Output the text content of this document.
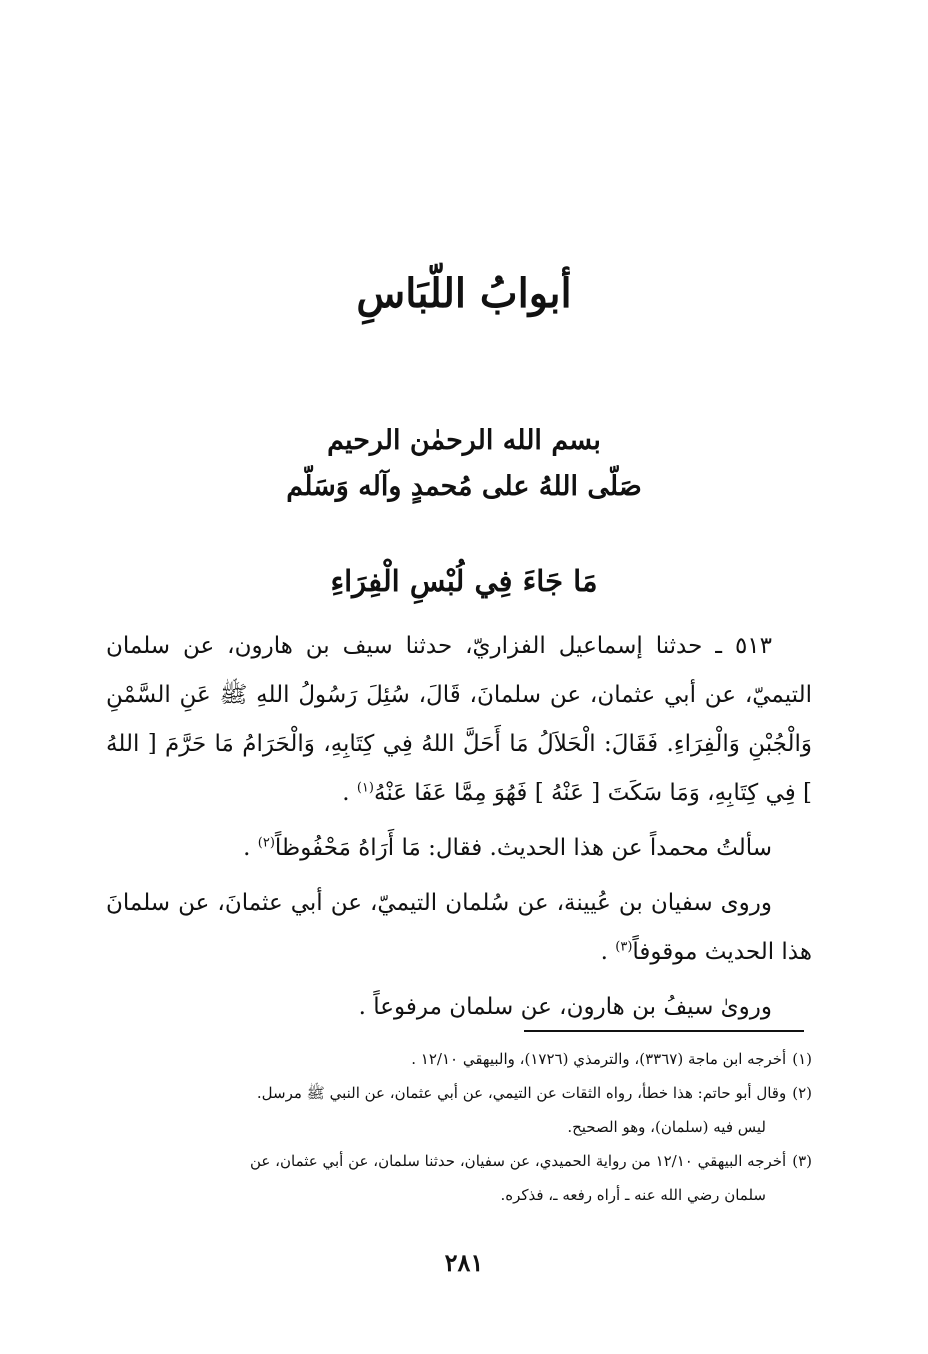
أبوابُ اللّبَاسِ
بسم الله الرحمٰن الرحيم
صَلّى اللهُ على مُحمدٍ وآله وَسَلّم
مَا جَاءَ فِي لُبْسِ الْفِرَاءِ

٥١٣ ـ حدثنا إسماعيل الفزاريّ، حدثنا سيف بن هارون، عن سلمان التيميّ، عن أبي عثمان، عن سلمانَ، قَالَ، سُئِلَ رَسُولُ اللهِ ﷺ عَنِ السَّمْنِ وَالْجُبْنِ وَالْفِرَاءِ. فَقَالَ: الْحَلاَلُ مَا أَحَلَّ اللهُ فِي كِتَابِهِ، وَالْحَرَامُ مَا حَرَّمَ [ اللهُ ] فِي كِتَابِهِ، وَمَا سَكَتَ [ عَنْهُ ] فَهُوَ مِمَّا عَفَا عَنْهُ$^{(١)}$ .

سألتُ محمداً عن هذا الحديث. فقال: مَا أَرَاهُ مَحْفُوظاً$^{(٢)}$ .

وروى سفيان بن عُيينة، عن سُلمان التيميّ، عن أبي عثمانَ، عن سلمانَ هذا الحديث موقوفاً$^{(٣)}$ .

وروىٰ سيفُ بن هارون، عن سلمان مرفوعاً .

(١)أخرجه ابن ماجة (٣٣٦٧)، والترمذي (١٧٢٦)، والبيهقي ١٢/١٠ .

(٢)وقال أبو حاتم: هذا خطأ، رواه الثقات عن التيمي، عن أبي عثمان، عن النبي ﷺ مرسل.

ليس فيه (سلمان)، وهو الصحيح.

(٣)أخرجه البيهقي ١٢/١٠ من رواية الحميدي، عن سفيان، حدثنا سلمان، عن أبي عثمان، عن

سلمان رضي الله عنه ـ أراه رفعه ـ، فذكره.

٢٨١
